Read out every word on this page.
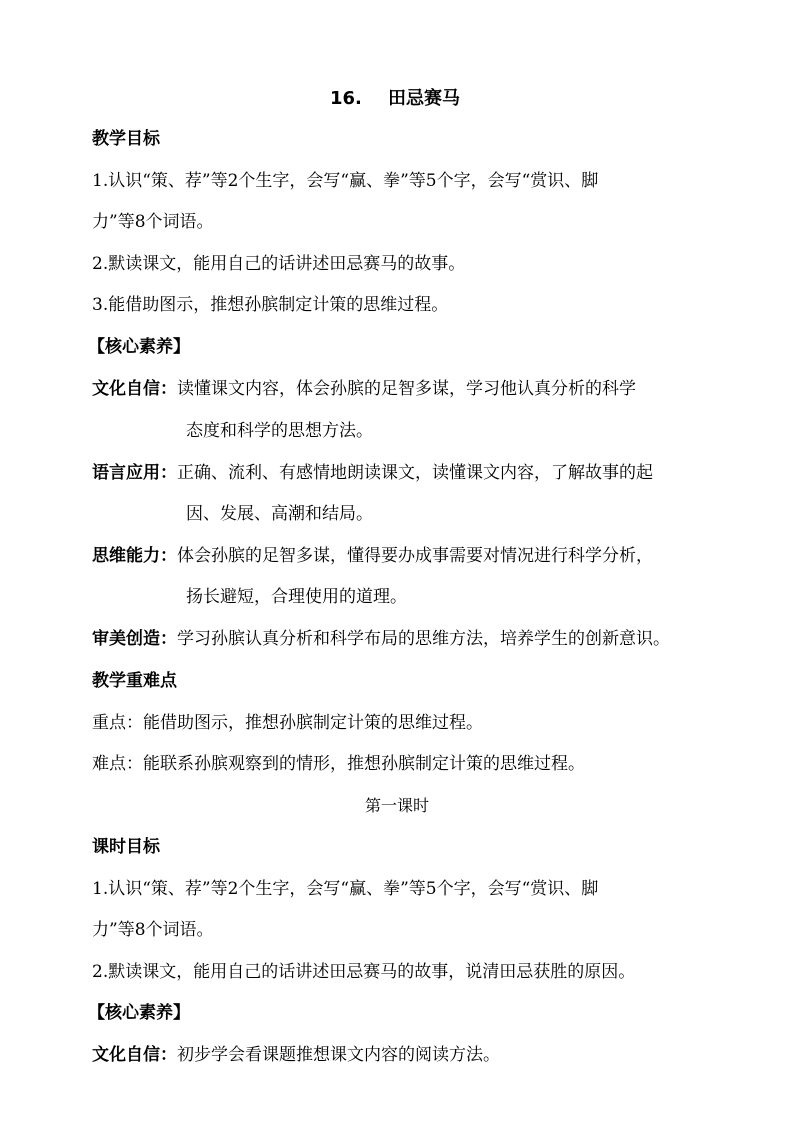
16. 田忌赛马
教学目标
1.认识“策、荐”等2个生字，会写“赢、拳”等5个字，会写“赏识、脚
力”等8个词语。
2.默读课文，能用自己的话讲述田忌赛马的故事。
3.能借助图示，推想孙膑制定计策的思维过程。
【核心素养】
文化自信：读懂课文内容，体会孙膑的足智多谋，学习他认真分析的科学
态度和科学的思想方法。
语言应用：正确、流利、有感情地朗读课文，读懂课文内容，了解故事的起
因、发展、高潮和结局。
思维能力：体会孙膑的足智多谋，懂得要办成事需要对情况进行科学分析，
扬长避短，合理使用的道理。
审美创造：学习孙膑认真分析和科学布局的思维方法，培养学生的创新意识。
教学重难点
重点：能借助图示，推想孙膑制定计策的思维过程。
难点：能联系孙膑观察到的情形，推想孙膑制定计策的思维过程。
第一课时
课时目标
1.认识“策、荐”等2个生字，会写“赢、拳”等5个字，会写“赏识、脚
力”等8个词语。
2.默读课文，能用自己的话讲述田忌赛马的故事，说清田忌获胜的原因。
【核心素养】
文化自信：初步学会看课题推想课文内容的阅读方法。
